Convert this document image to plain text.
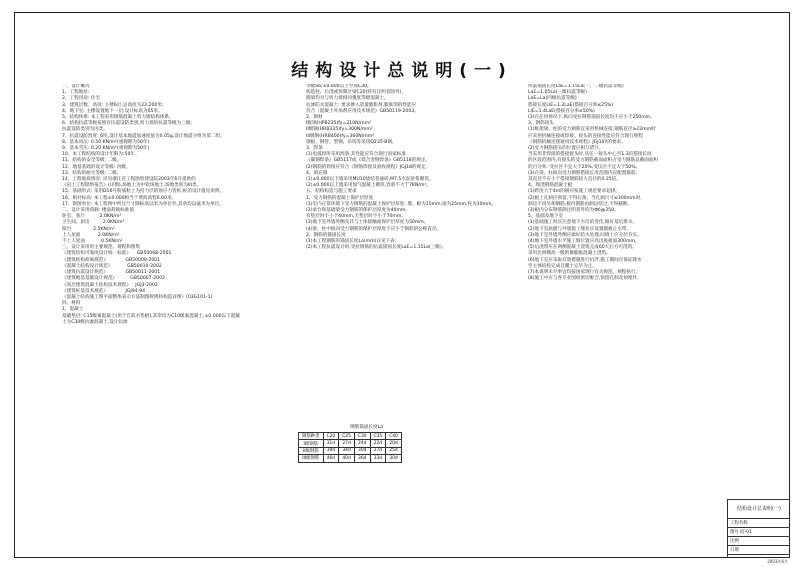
结构设计总说明(一)

一、设计概况

1、工程地址:

2、工程用途: 住宅

3、建筑层数、高度: 主楼6层,总高度为23.200米;

4、地下室: 主楼设置地下一层;设计标高为05米。

5、结构体系: 本工程采用钢筋混凝土剪力墙结构体系。

6、结构抗震等级按照有抗震设防类别,剪力墙的抗震等级为三级;

抗震设防类别为丙类。

7、抗震设防烈度: 6度,设计基本地震加速度值为0.05g,设计地震分组为第二组。

8、基本风压: 0.50 KN/m²(重现期为50年)

9、基本雪压: 0.20 KN/m²(重现期为50年)

10、本工程结构的设计年限为:50年。

11、结构的安全等级: 二级。

12、地基基础的设计等级: 丙级。

13、结构的耐火等级: 二级。

14、工程地质情况: 详见浙江省工程勘察建设院2003年6月提供的

《岩土工程勘察报告》(详勘),场地土为中软场地土,场地类别为III类。

15、基础形式: 采用D16号粉质粘土为持力层的预应力管桩,桩的设计值见说明。

16、相对标高: 本工程±0.000相当于黄海高程6.60米。

17、制图单位: 本工程图中所注尺寸除标高以米为单位外,其余均以毫米为单位。

二、设计采用荷载: 楼面荷载标准值

卧室、客厅          2.0KN/m²

卫生间、厨房         2.0KN/m²

阳台               2.5KN/m²

上人屋面            2.0KN/m²

不上人屋面           0.5KN/m²

三、设计采用的主要规范、规程和图集

《建筑结构可靠度设计统一标准》    GB50068-2001

《建筑结构荷载规范》            GB50009-2001

《混凝土结构设计规范》          GB50010-2002

《建筑抗震设计规范》            GB50011-2001

《建筑地基基础设计规范》         GB50007-2002

《高层建筑混凝土结构技术规程》   JGJ3-2002

《建筑桩基技术规范》            JGJ94-94

《混凝土结构施工图平面整体表示方法制图规则和构造详图》(03G101-1)

四、材料

1、混凝土

基础垫层: C15级素混凝土(用于自防水垫板),其余均为C10级素混凝土;±0.000以下混凝土为C30级抗渗混凝土,设计抗渗

等级S6;±0.000以上至顶C30。

构造柱、后浇或预制过梁C20(特有注明者除外)。

圈梁均为与剪力墙相同强度等级混凝土。

抗渗防水混凝土: 要求掺入适量膨胀剂,膨胀剂的性能应

符合《混凝土外加剂应用技术规范》GB50119-2003。

2、钢材

I级钢(HPB235)fy=210N/mm²

II级钢(HRB335)fy=300N/mm²

III级钢(HRB400)fy=360N/mm²

钢板、钢管、型钢、吊钩等采用Q235-B钢。

3、焊条

(1)电弧焊所采用焊条,其性能应符合现行国家标准

《碳钢焊条》GB5117或《低合金钢焊条》GB5118的规定。

(2)钢筋的焊接应符合《钢筋焊接及验收规程》JGJ18的规定。

4、填充墙

(1)±0.000以下墙采用MU10烧结普通砖,M7.5水泥砂浆砌筑。

(2)±0.000以上墙采用加气混凝土砌块,容重不大于7KN/m³。

五、结构构造与施工要求

1、受力钢筋的混凝土保护层厚度

(1)室内正常环境下受力钢筋的混凝土保护层厚度: 墙、板为15mm,梁为25mm,柱为30mm。

(2)承台和基础梁受力钢筋的保护层厚度为40mm,

有垫层时不小于40mm,无垫层时不小于70mm。

(3)地下室外墙外侧及其与土体接触面保护层厚度为50mm。

(4)梁、柱中纵向受力钢筋的保护层厚度不应小于钢筋的公称直径。

2、钢筋的锚固长度

(1)本工程钢筋的锚固长度La(mm)详见下表:

(2)本工程抗震设计时,受拉钢筋的抗震锚固长度LaE=1.15La(三级)。

抗震锚固长度LaE=1.15La(一、二级抗震等级)

LaE=1.05La(三级抗震等级)

LaE=La(四级抗震等级)

搭接长度LlE=1.2LaE(搭接百分率≤25%)

LlE=1.4LaE(搭接百分率≤50%)

(3)在任何情况下,纵向受拉钢筋锚固长度均不应小于250mm。

3、钢筋接头

(1)框架梁、柱的受力钢筋宜采用机械连接,钢筋直径≥22mm时

应采用机械连接或焊接。接头的连接性能应符合现行规程

《钢筋机械连接通用技术规程》JGJ107的要求。

(2)受力钢筋接头的位置应相互错开。

当采用非焊接的搭接接头时,从任一接头中心至1.3倍搭接长度

的区段范围内,有接头的受力钢筋截面面积占受力钢筋总截面面积

的百分率: 受拉区不宜大于25%,受压区不宜大于50%。

(3)在梁、柱纵向受力钢筋搭接长度范围内应配置箍筋,

其直径不应小于搭接钢筋较大直径的0.25倍。

4、现浇钢筋混凝土板

(1)跨度大于4m的板应按施工规范要求起拱。

(2)板上孔洞应预留,不得后凿。当孔洞尺寸≤300mm时,

洞边不再另加钢筋,板内钢筋由洞边绕过,不得截断。

(3)板内分布钢筋除注明者外均为Φ6@250。

5、基础及地下室

(1)基础施工时应注意地下水位的变化,做好基坑排水。

(2)地下室底板与外墙施工缝处应设置钢板止水带。

(3)地下室外墙外侧应做好防水处理,回填土应分层夯实。

(4)地下室外墙水平施工缝位置应高出底板面300mm。

(5)后浇带应在两侧混凝土浇筑完成60天后方可浇筑,

采用比两侧高一级的微膨胀混凝土浇筑。

(6)地下室应采取有效措施进行抗浮,施工期间应保证降水

至主体结构完成且覆土完毕为止。

(7)本说明未尽事宜均按国家现行有关规范、规程执行。

(8)施工中应与各专业图纸密切配合,预留孔洞及预埋件。

钢筋锚固长度La
钢筋种类	C20	C25	C30	C35	C40
I级钢筋	31d	27d	24d	22d	20d
II级钢筋	39d	34d	30d	27d	25d
III级钢筋	46d	40d	36d	33d	30d
结构设计总说明(一)
工程名称
图号 结-01
比例
日期
2003年6月
